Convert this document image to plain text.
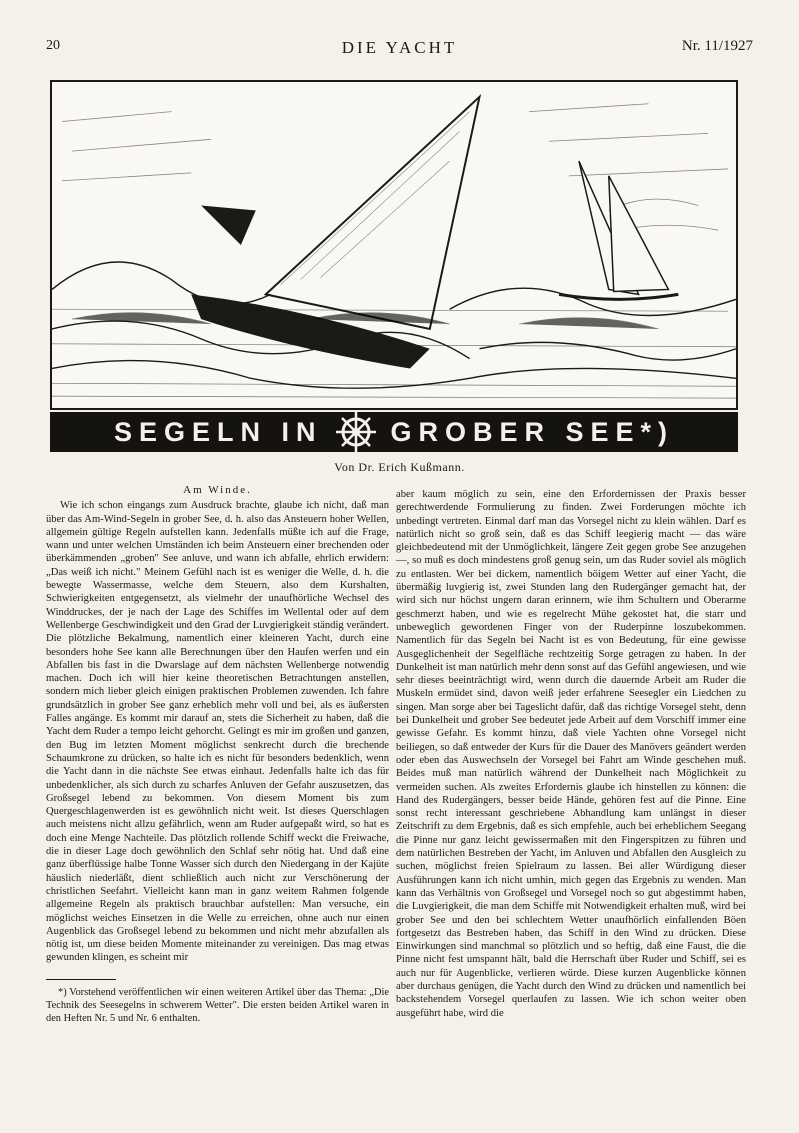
20	DIE YACHT	Nr. 11/1927
SEGELN IN	GROBER SEE*)
Von Dr. Erich Kußmann.
Am Winde.

Wie ich schon eingangs zum Ausdruck brachte, glaube ich nicht, daß man über das Am-Wind-Segeln in grober See, d. h. also das Ansteuern hoher Wellen, allgemein gültige Regeln aufstellen kann. Jedenfalls müßte ich auf die Frage, wann und unter welchen Umständen ich beim Ansteuern einer brechenden oder überkämmenden „groben" See anluve, und wann ich abfalle, ehrlich erwidern: „Das weiß ich nicht." Meinem Gefühl nach ist es weniger die Welle, d. h. die bewegte Wassermasse, welche dem Steuern, also dem Kurshalten, Schwierigkeiten entgegensetzt, als vielmehr der unaufhörliche Wechsel des Winddruckes, der je nach der Lage des Schiffes im Wellental oder auf dem Wellenberge Geschwindigkeit und den Grad der Luvgierigkeit ständig verändert. Die plötzliche Bekalmung, namentlich einer kleineren Yacht, durch eine besonders hohe See kann alle Berechnungen über den Haufen werfen und ein Abfallen bis fast in die Dwarslage auf dem nächsten Wellenberge notwendig machen. Doch ich will hier keine theoretischen Betrachtungen anstellen, sondern mich lieber gleich einigen praktischen Problemen zuwenden. Ich fahre grundsätzlich in grober See ganz erheblich mehr voll und bei, als es äußersten Falles angänge. Es kommt mir darauf an, stets die Sicherheit zu haben, daß die Yacht dem Ruder a tempo leicht gehorcht. Gelingt es mir im großen und ganzen, den Bug im letzten Moment möglichst senkrecht durch die brechende Schaumkrone zu drücken, so halte ich es nicht für besonders bedenklich, wenn die Yacht dann in die nächste See etwas einhaut. Jedenfalls halte ich das für unbedenklicher, als sich durch zu scharfes Anluven der Gefahr auszusetzen, das Großsegel lebend zu bekommen. Von diesem Moment bis zum Quergeschlagenwerden ist es gewöhnlich nicht weit. Ist dieses Querschlagen auch meistens nicht allzu gefährlich, wenn am Ruder aufgepaßt wird, so hat es doch eine Menge Nachteile. Das plötzlich rollende Schiff weckt die Freiwache, die in dieser Lage doch gewöhnlich den Schlaf sehr nötig hat. Und daß eine ganz überflüssige halbe Tonne Wasser sich durch den Niedergang in der Kajüte häuslich niederläßt, dient schließlich auch nicht zur Verschönerung der christlichen Seefahrt. Vielleicht kann man in ganz weitem Rahmen folgende allgemeine Regeln als praktisch brauchbar aufstellen: Man versuche, ein möglichst weiches Einsetzen in die Welle zu erreichen, ohne auch nur einen Augenblick das Großsegel lebend zu bekommen und nicht mehr abzufallen als nötig ist, um diese beiden Momente miteinander zu vereinigen. Das mag etwas gewunden klingen, es scheint mir

*) Vorstehend veröffentlichen wir einen weiteren Artikel über das Thema: „Die Technik des Seesegelns in schwerem Wetter". Die ersten beiden Artikel waren in den Heften Nr. 5 und Nr. 6 enthalten.

aber kaum möglich zu sein, eine den Erfordernissen der Praxis besser gerechtwerdende Formulierung zu finden. Zwei Forderungen möchte ich unbedingt vertreten. Einmal darf man das Vorsegel nicht zu klein wählen. Darf es natürlich nicht so groß sein, daß es das Schiff leegierig macht — das wäre gleichbedeutend mit der Unmöglichkeit, längere Zeit gegen grobe See anzugehen —, so muß es doch mindestens groß genug sein, um das Ruder soviel als möglich zu entlasten. Wer bei dickem, namentlich böigem Wetter auf einer Yacht, die übermäßig luvgierig ist, zwei Stunden lang den Rudergänger gemacht hat, der wird sich nur höchst ungern daran erinnern, wie ihm Schultern und Oberarme geschmerzt haben, und wie es regelrecht Mühe gekostet hat, die starr und unbeweglich gewordenen Finger von der Ruderpinne loszubekommen. Namentlich für das Segeln bei Nacht ist es von Bedeutung, für eine gewisse Ausgeglichenheit der Segelfläche rechtzeitig Sorge getragen zu haben. In der Dunkelheit ist man natürlich mehr denn sonst auf das Gefühl angewiesen, und wie sehr dieses beeinträchtigt wird, wenn durch die dauernde Arbeit am Ruder die Muskeln ermüdet sind, davon weiß jeder erfahrene Seesegler ein Liedchen zu singen. Man sorge aber bei Tageslicht dafür, daß das richtige Vorsegel steht, denn bei Dunkelheit und grober See bedeutet jede Arbeit auf dem Vorschiff immer eine gewisse Gefahr. Es kommt hinzu, daß viele Yachten ohne Vorsegel nicht beiliegen, so daß entweder der Kurs für die Dauer des Manövers geändert werden oder eben das Auswechseln der Vorsegel bei Fahrt am Winde geschehen muß. Beides muß man natürlich während der Dunkelheit nach Möglichkeit zu vermeiden suchen. Als zweites Erfordernis glaube ich hinstellen zu können: die Hand des Rudergängers, besser beide Hände, gehören fest auf die Pinne. Eine sonst recht interessant geschriebene Abhandlung kam unlängst in dieser Zeitschrift zu dem Ergebnis, daß es sich empfehle, auch bei erheblichem Seegang die Pinne nur ganz leicht gewissermaßen mit den Fingerspitzen zu führen und dem natürlichen Bestreben der Yacht, im Anluven und Abfallen den Ausgleich zu suchen, möglichst freien Spielraum zu lassen. Bei aller Würdigung dieser Ausführungen kann ich nicht umhin, mich gegen das Ergebnis zu wenden. Man kann das Verhältnis von Großsegel und Vorsegel noch so gut abgestimmt haben, die Luvgierigkeit, die man dem Schiffe mit Notwendigkeit erhalten muß, wird bei grober See und den bei schlechtem Wetter unaufhörlich einfallenden Böen fortgesetzt das Bestreben haben, das Schiff in den Wind zu drücken. Diese Einwirkungen sind manchmal so plötzlich und so heftig, daß eine Faust, die die Pinne nicht fest umspannt hält, bald die Herrschaft über Ruder und Schiff, sei es auch nur für Augenblicke, verlieren würde. Diese kurzen Augenblicke können aber durchaus genügen, die Yacht durch den Wind zu drücken und namentlich bei backstehendem Vorsegel querlaufen zu lassen. Wie ich schon weiter oben ausgeführt habe, wird die
